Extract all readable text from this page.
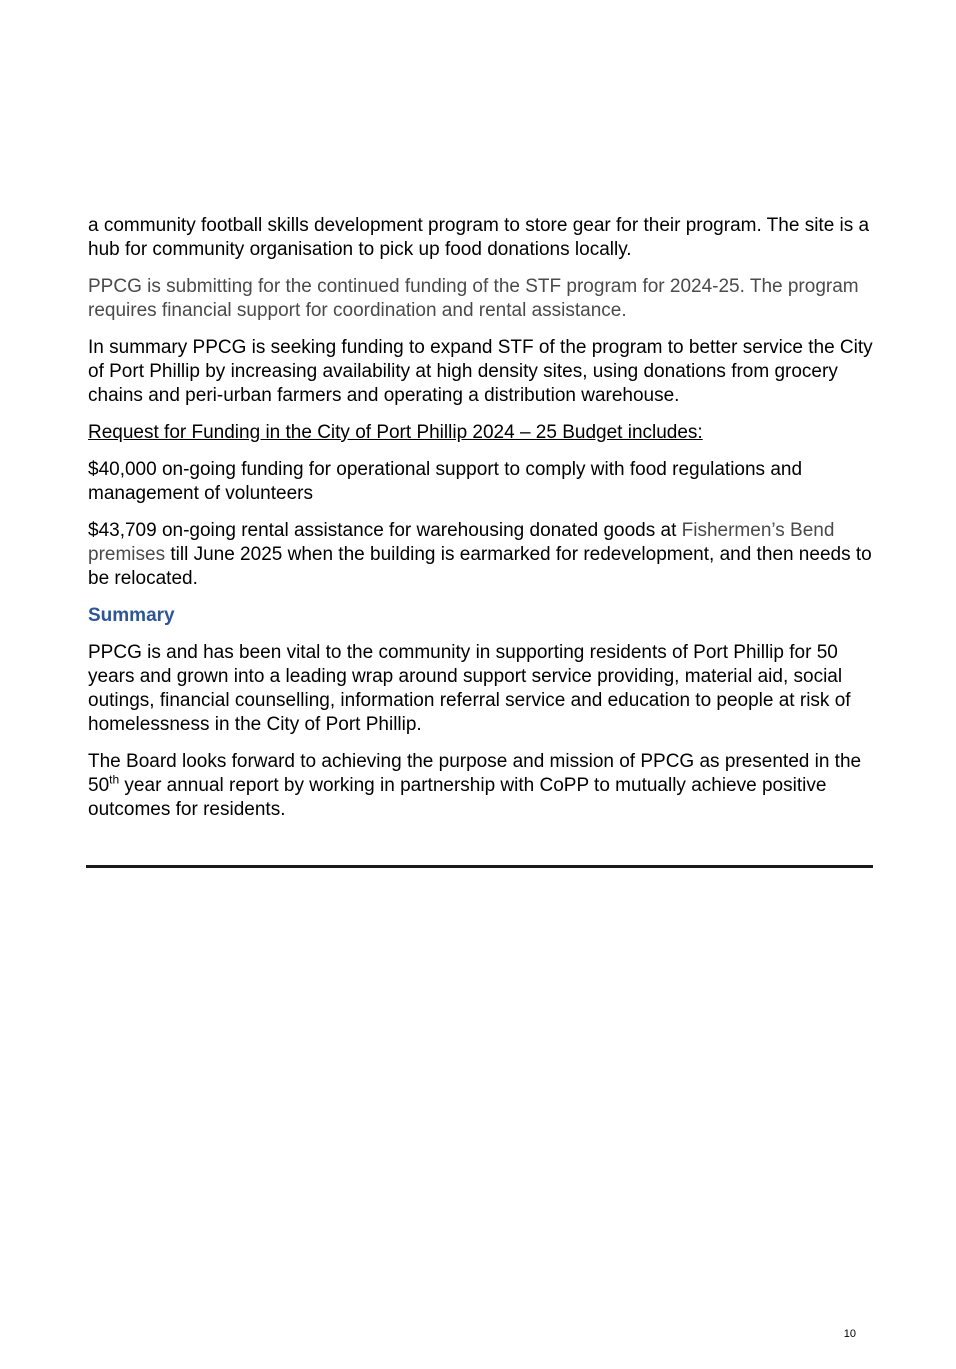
a community football skills development program to store gear for their program. The site is a hub for community organisation to pick up food donations locally.

PPCG is submitting for the continued funding of the STF program for 2024-25. The program requires financial support for coordination and rental assistance.

In summary PPCG is seeking funding to expand STF of the program to better service the City of Port Phillip by increasing availability at high density sites, using donations from grocery chains and peri-urban farmers and operating a distribution warehouse.

Request for Funding in the City of Port Phillip 2024 – 25 Budget includes:

$40,000 on-going funding for operational support to comply with food regulations and management of volunteers

$43,709 on-going rental assistance for warehousing donated goods at Fishermen’s Bend premises till June 2025 when the building is earmarked for redevelopment, and then needs to be relocated.

Summary

PPCG is and has been vital to the community in supporting residents of Port Phillip for 50 years and grown into a leading wrap around support service providing, material aid, social outings, financial counselling, information referral service and education to people at risk of homelessness in the City of Port Phillip.

The Board looks forward to achieving the purpose and mission of PPCG as presented in the 50th year annual report by working in partnership with CoPP to mutually achieve positive outcomes for residents.

10
